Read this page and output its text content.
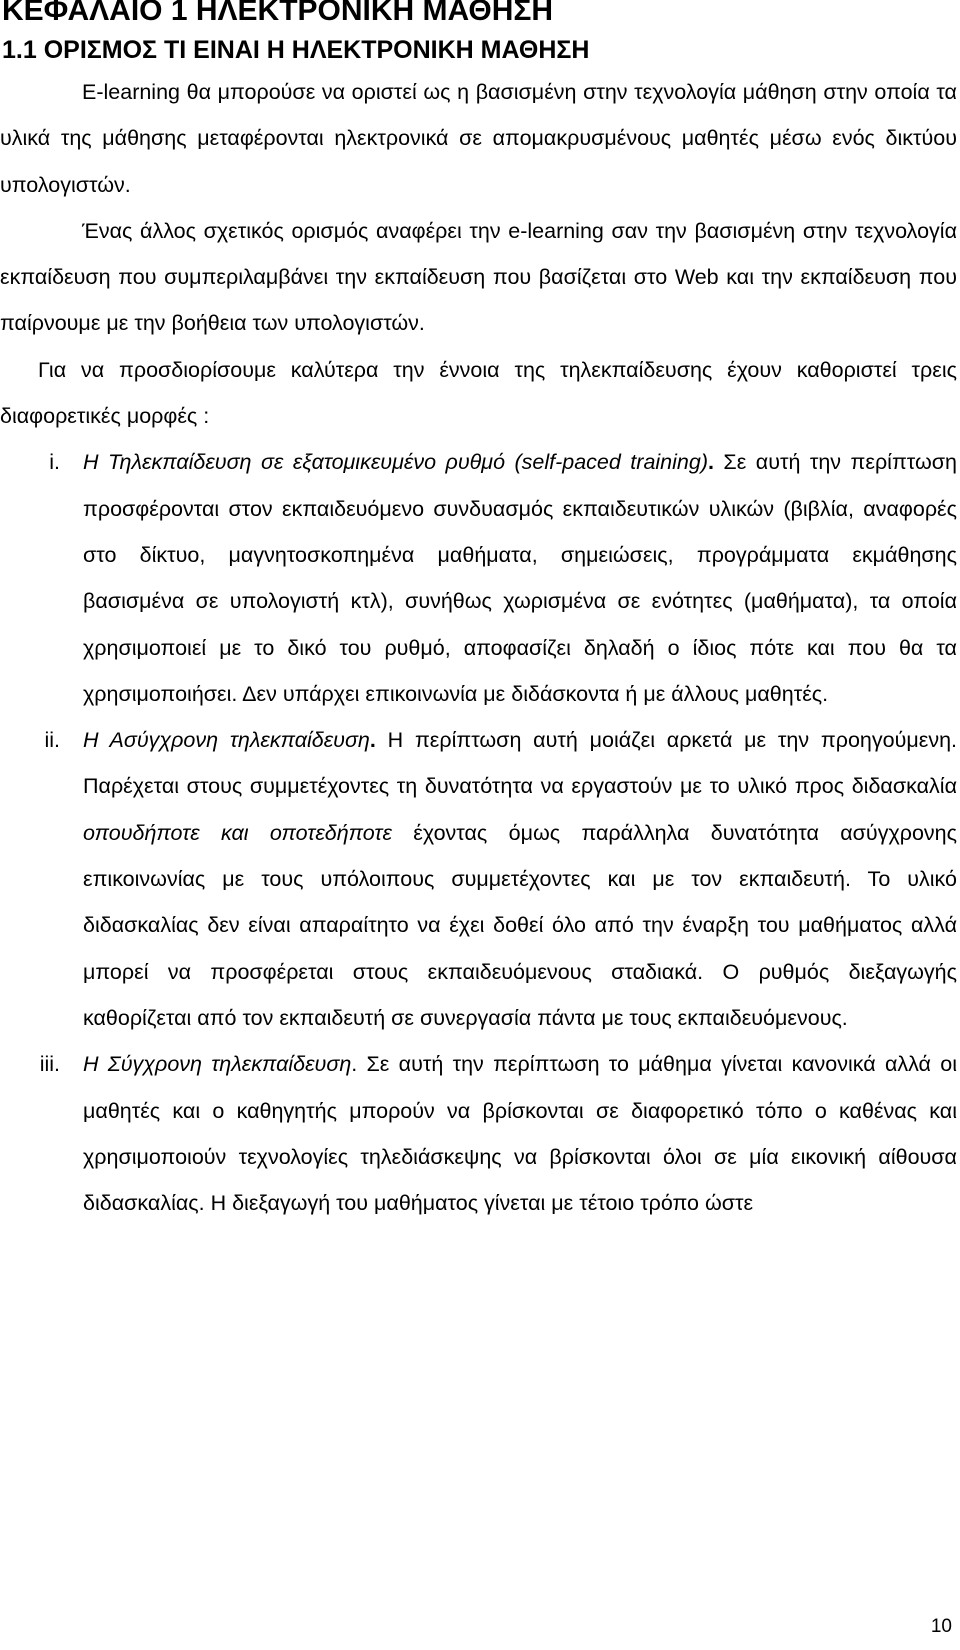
ΚΕΦΑΛΑΙΟ 1 ΗΛΕΚΤΡΟΝΙΚΗ ΜΑΘΗΣΗ
1.1 ΟΡΙΣΜΟΣ ΤΙ ΕΙΝΑΙ Η ΗΛΕΚΤΡΟΝΙΚΗ ΜΑΘΗΣΗ

E-learning θα μπορούσε να οριστεί ως η βασισμένη στην τεχνολογία μάθηση στην οποία τα υλικά της μάθησης μεταφέρονται ηλεκτρονικά σε απομακρυσμένους μαθητές μέσω ενός δικτύου υπολογιστών.

Ένας άλλος σχετικός ορισμός αναφέρει την e-learning σαν την βασισμένη στην τεχνολογία εκπαίδευση που συμπεριλαμβάνει την εκπαίδευση που βασίζεται στο Web και την εκπαίδευση που παίρνουμε με την βοήθεια των υπολογιστών.

Για να προσδιορίσουμε καλύτερα την έννοια της τηλεκπαίδευσης έχουν καθοριστεί τρεις διαφορετικές μορφές :

i. Η Τηλεκπαίδευση σε εξατομικευμένο ρυθμό (self-paced training). Σε αυτή την περίπτωση προσφέρονται στον εκπαιδευόμενο συνδυασμός εκπαιδευτικών υλικών (βιβλία, αναφορές στο δίκτυο, μαγνητοσκοπημένα μαθήματα, σημειώσεις, προγράμματα εκμάθησης βασισμένα σε υπολογιστή κτλ), συνήθως χωρισμένα σε ενότητες (μαθήματα), τα οποία χρησιμοποιεί με το δικό του ρυθμό, αποφασίζει δηλαδή ο ίδιος πότε και που θα τα χρησιμοποιήσει. Δεν υπάρχει επικοινωνία με διδάσκοντα ή με άλλους μαθητές.
ii. Η Ασύγχρονη τηλεκπαίδευση. Η περίπτωση αυτή μοιάζει αρκετά με την προηγούμενη. Παρέχεται στους συμμετέχοντες τη δυνατότητα να εργαστούν με το υλικό προς διδασκαλία οπουδήποτε και οποτεδήποτε έχοντας όμως παράλληλα δυνατότητα ασύγχρονης επικοινωνίας με τους υπόλοιπους συμμετέχοντες και με τον εκπαιδευτή. Το υλικό διδασκαλίας δεν είναι απαραίτητο να έχει δοθεί όλο από την έναρξη του μαθήματος αλλά μπορεί να προσφέρεται στους εκπαιδευόμενους σταδιακά. Ο ρυθμός διεξαγωγής καθορίζεται από τον εκπαιδευτή σε συνεργασία πάντα με τους εκπαιδευόμενους.
iii. Η Σύγχρονη τηλεκπαίδευση. Σε αυτή την περίπτωση το μάθημα γίνεται κανονικά αλλά οι μαθητές και ο καθηγητής μπορούν να βρίσκονται σε διαφορετικό τόπο ο καθένας και χρησιμοποιούν τεχνολογίες τηλεδιάσκεψης να βρίσκονται όλοι σε μία εικονική αίθουσα διδασκαλίας. Η διεξαγωγή του μαθήματος γίνεται με τέτοιο τρόπο ώστε
10
